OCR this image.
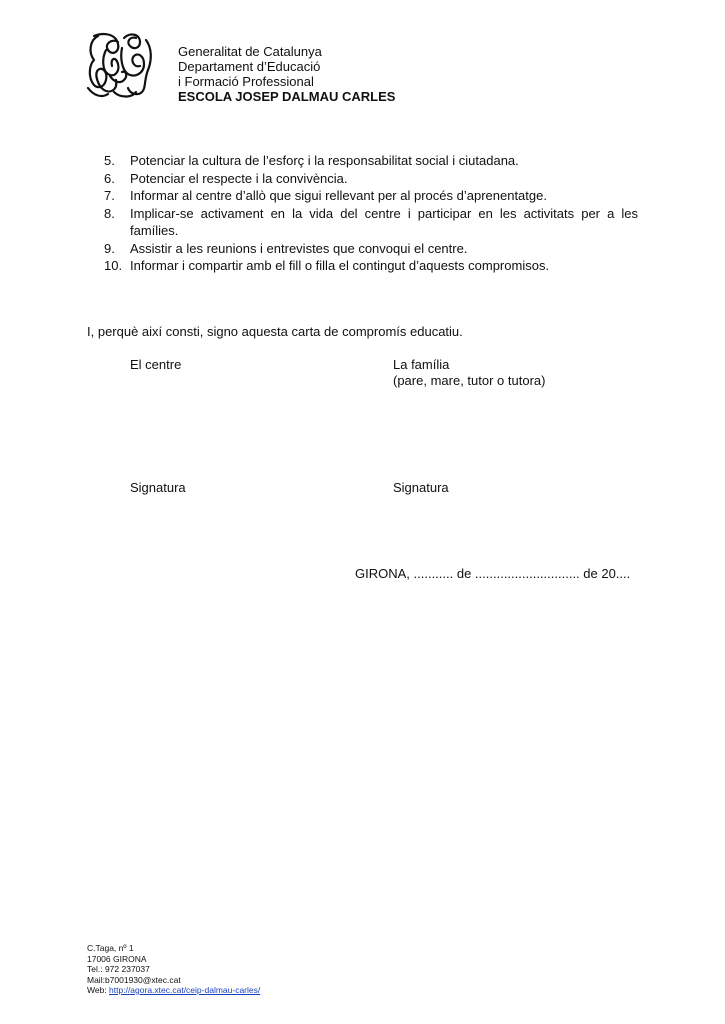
Generalitat de Catalunya
Departament d’Educació
i Formació Professional
ESCOLA JOSEP DALMAU CARLES
5.	Potenciar la cultura de l’esforç i la responsabilitat social i ciutadana.
6.	Potenciar el respecte i la convivència.
7.	Informar al centre d’allò que sigui rellevant per al procés d’aprenentatge.
8.	Implicar-se activament en la vida del centre i participar en les activitats per a les famílies.
9.	Assistir a les reunions i entrevistes que convoqui el centre.
10. Informar i compartir amb el fill o filla el contingut d’aquests compromisos.
I, perquè així consti, signo aquesta carta de compromís educatiu.
El centre	La família
(pare, mare, tutor o tutora)
Signatura	Signatura
GIRONA, ........... de ............................. de 20....
C.Taga, nº 1
17006 GIRONA
Tel.: 972 237037
Mail:b7001930@xtec.cat
Web: http://agora.xtec.cat/ceip-dalmau-carles/
